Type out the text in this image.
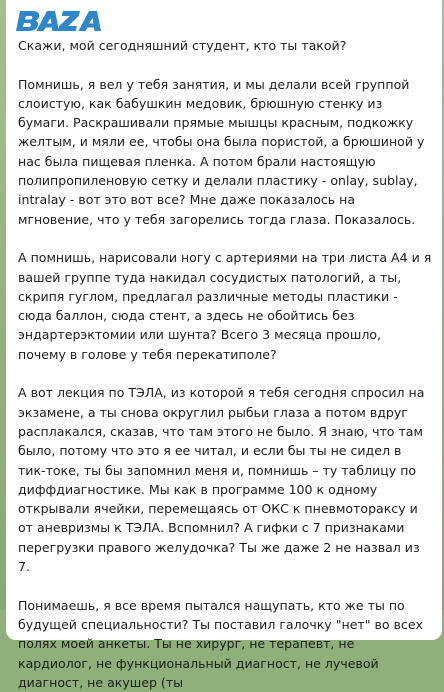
Скажи, мой сегодняшний студент, кто ты такой?

Помнишь, я вел у тебя занятия, и мы делали всей группой слоистую, как бабушкин медовик, брюшную стенку из бумаги. Раскрашивали прямые мышцы красным, подкожку желтым, и мяли ее, чтобы она была пористой, а брюшиной у нас была пищевая пленка. А потом брали настоящую полипропиленовую сетку и делали пластику - onlay, sublay, intralay - вот это вот все? Мне даже показалось на мгновение, что у тебя загорелись тогда глаза. Показалось.

А помнишь, нарисовали ногу с артериями на три листа А4 и я вашей группе туда накидал сосудистых патологий, а ты, скрипя гуглом, предлагал различные методы пластики - сюда баллон, сюда стент, а здесь не обойтись без эндартерэктомии или шунта? Всего 3 месяца прошло, почему в голове у тебя перекатиполе?

А вот лекция по ТЭЛА, из которой я тебя сегодня спросил на экзамене, а ты снова округлил рыбьи глаза а потом вдруг расплакался, сказав, что там этого не было. Я знаю, что там было, потому что это я ее читал, и если бы ты не сидел в тик-токе, ты бы запомнил меня и, помнишь – ту таблицу по диффдиагностике. Мы как в программе 100 к одному открывали ячейки, перемещаясь от ОКС к пневмотораксу и от аневризмы к ТЭЛА. Вспомнил? А гифки с 7 признаками перегрузки правого желудочка? Ты же даже 2 не назвал из 7.

Понимаешь, я все время пытался нащупать, кто же ты по будущей специальности? Ты поставил галочку "нет" во всех полях моей анкеты. Ты не хирург, не терапевт, не кардиолог, не функциональный диагност, не лучевой диагност, не акушер (ты
